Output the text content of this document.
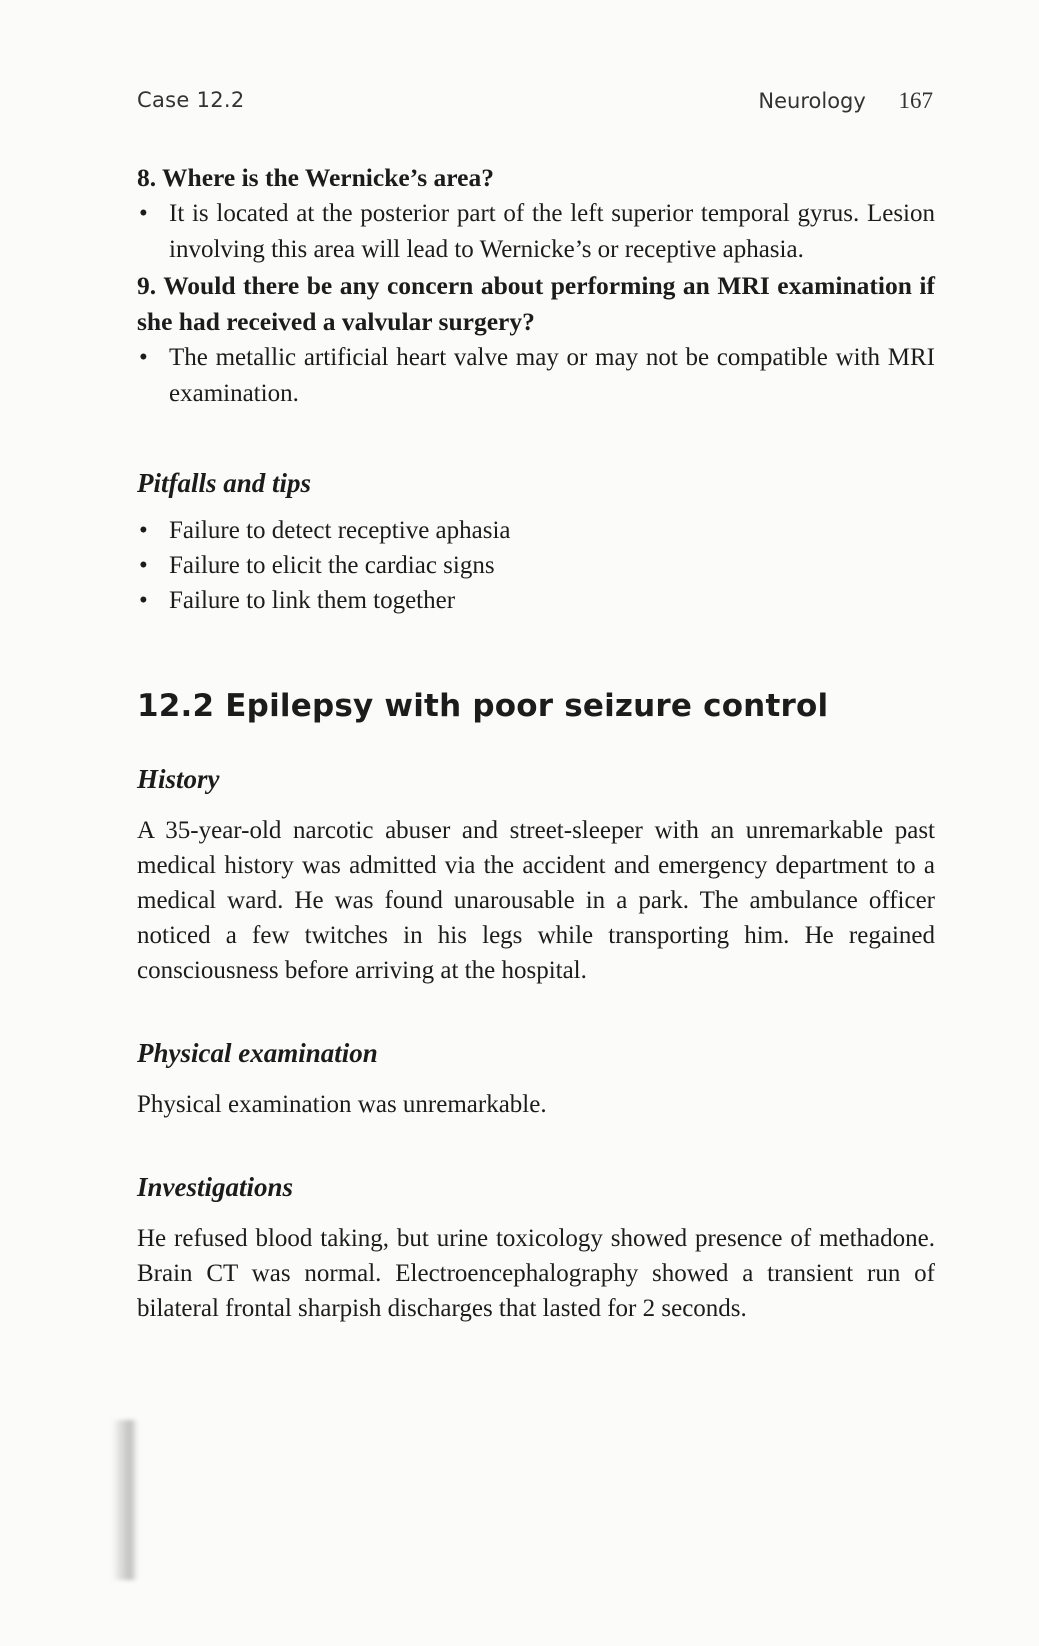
Case 12.2	Neurology 167

8. Where is the Wernicke’s area?

• It is located at the posterior part of the left superior temporal gyrus. Lesion involving this area will lead to Wernicke’s or receptive aphasia.

9. Would there be any concern about performing an MRI examination if she had received a valvular surgery?

• The metallic artificial heart valve may or may not be compatible with MRI examination.

Pitfalls and tips

• Failure to detect receptive aphasia

• Failure to elicit the cardiac signs

• Failure to link them together

12.2 Epilepsy with poor seizure control
History

A 35-year-old narcotic abuser and street-sleeper with an unremarkable past medical history was admitted via the accident and emergency department to a medical ward. He was found unarousable in a park. The ambulance officer noticed a few twitches in his legs while transporting him. He regained consciousness before arriving at the hospital.

Physical examination

Physical examination was unremarkable.

Investigations

He refused blood taking, but urine toxicology showed presence of methadone. Brain CT was normal. Electroencephalography showed a transient run of bilateral frontal sharpish discharges that lasted for 2 seconds.
